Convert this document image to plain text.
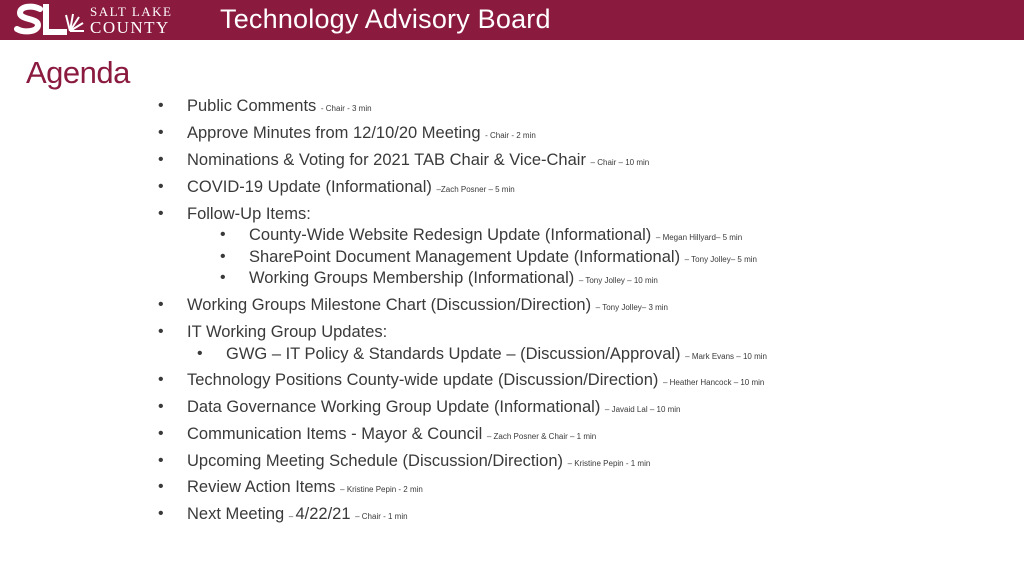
SALT LAKE
COUNTY Technology Advisory Board
Agenda
• Public Comments - Chair - 3 min
• Approve Minutes from 12/10/20 Meeting - Chair - 2 min
• Nominations & Voting for 2021 TAB Chair & Vice-Chair – Chair – 10 min
• COVID-19 Update (Informational) –Zach Posner – 5 min
• Follow-Up Items:
• County-Wide Website Redesign Update (Informational) – Megan Hillyard– 5 min
• SharePoint Document Management Update (Informational) – Tony Jolley– 5 min
• Working Groups Membership (Informational) – Tony Jolley – 10 min
• Working Groups Milestone Chart (Discussion/Direction) – Tony Jolley– 3 min
• IT Working Group Updates:
• GWG – IT Policy & Standards Update – (Discussion/Approval) – Mark Evans – 10 min
• Technology Positions County-wide update (Discussion/Direction) – Heather Hancock – 10 min
• Data Governance Working Group Update (Informational) – Javaid Lal – 10 min
• Communication Items - Mayor & Council – Zach Posner & Chair – 1 min
• Upcoming Meeting Schedule (Discussion/Direction) – Kristine Pepin - 1 min
• Review Action Items – Kristine Pepin - 2 min
• Next Meeting – 4/22/21 – Chair - 1 min
